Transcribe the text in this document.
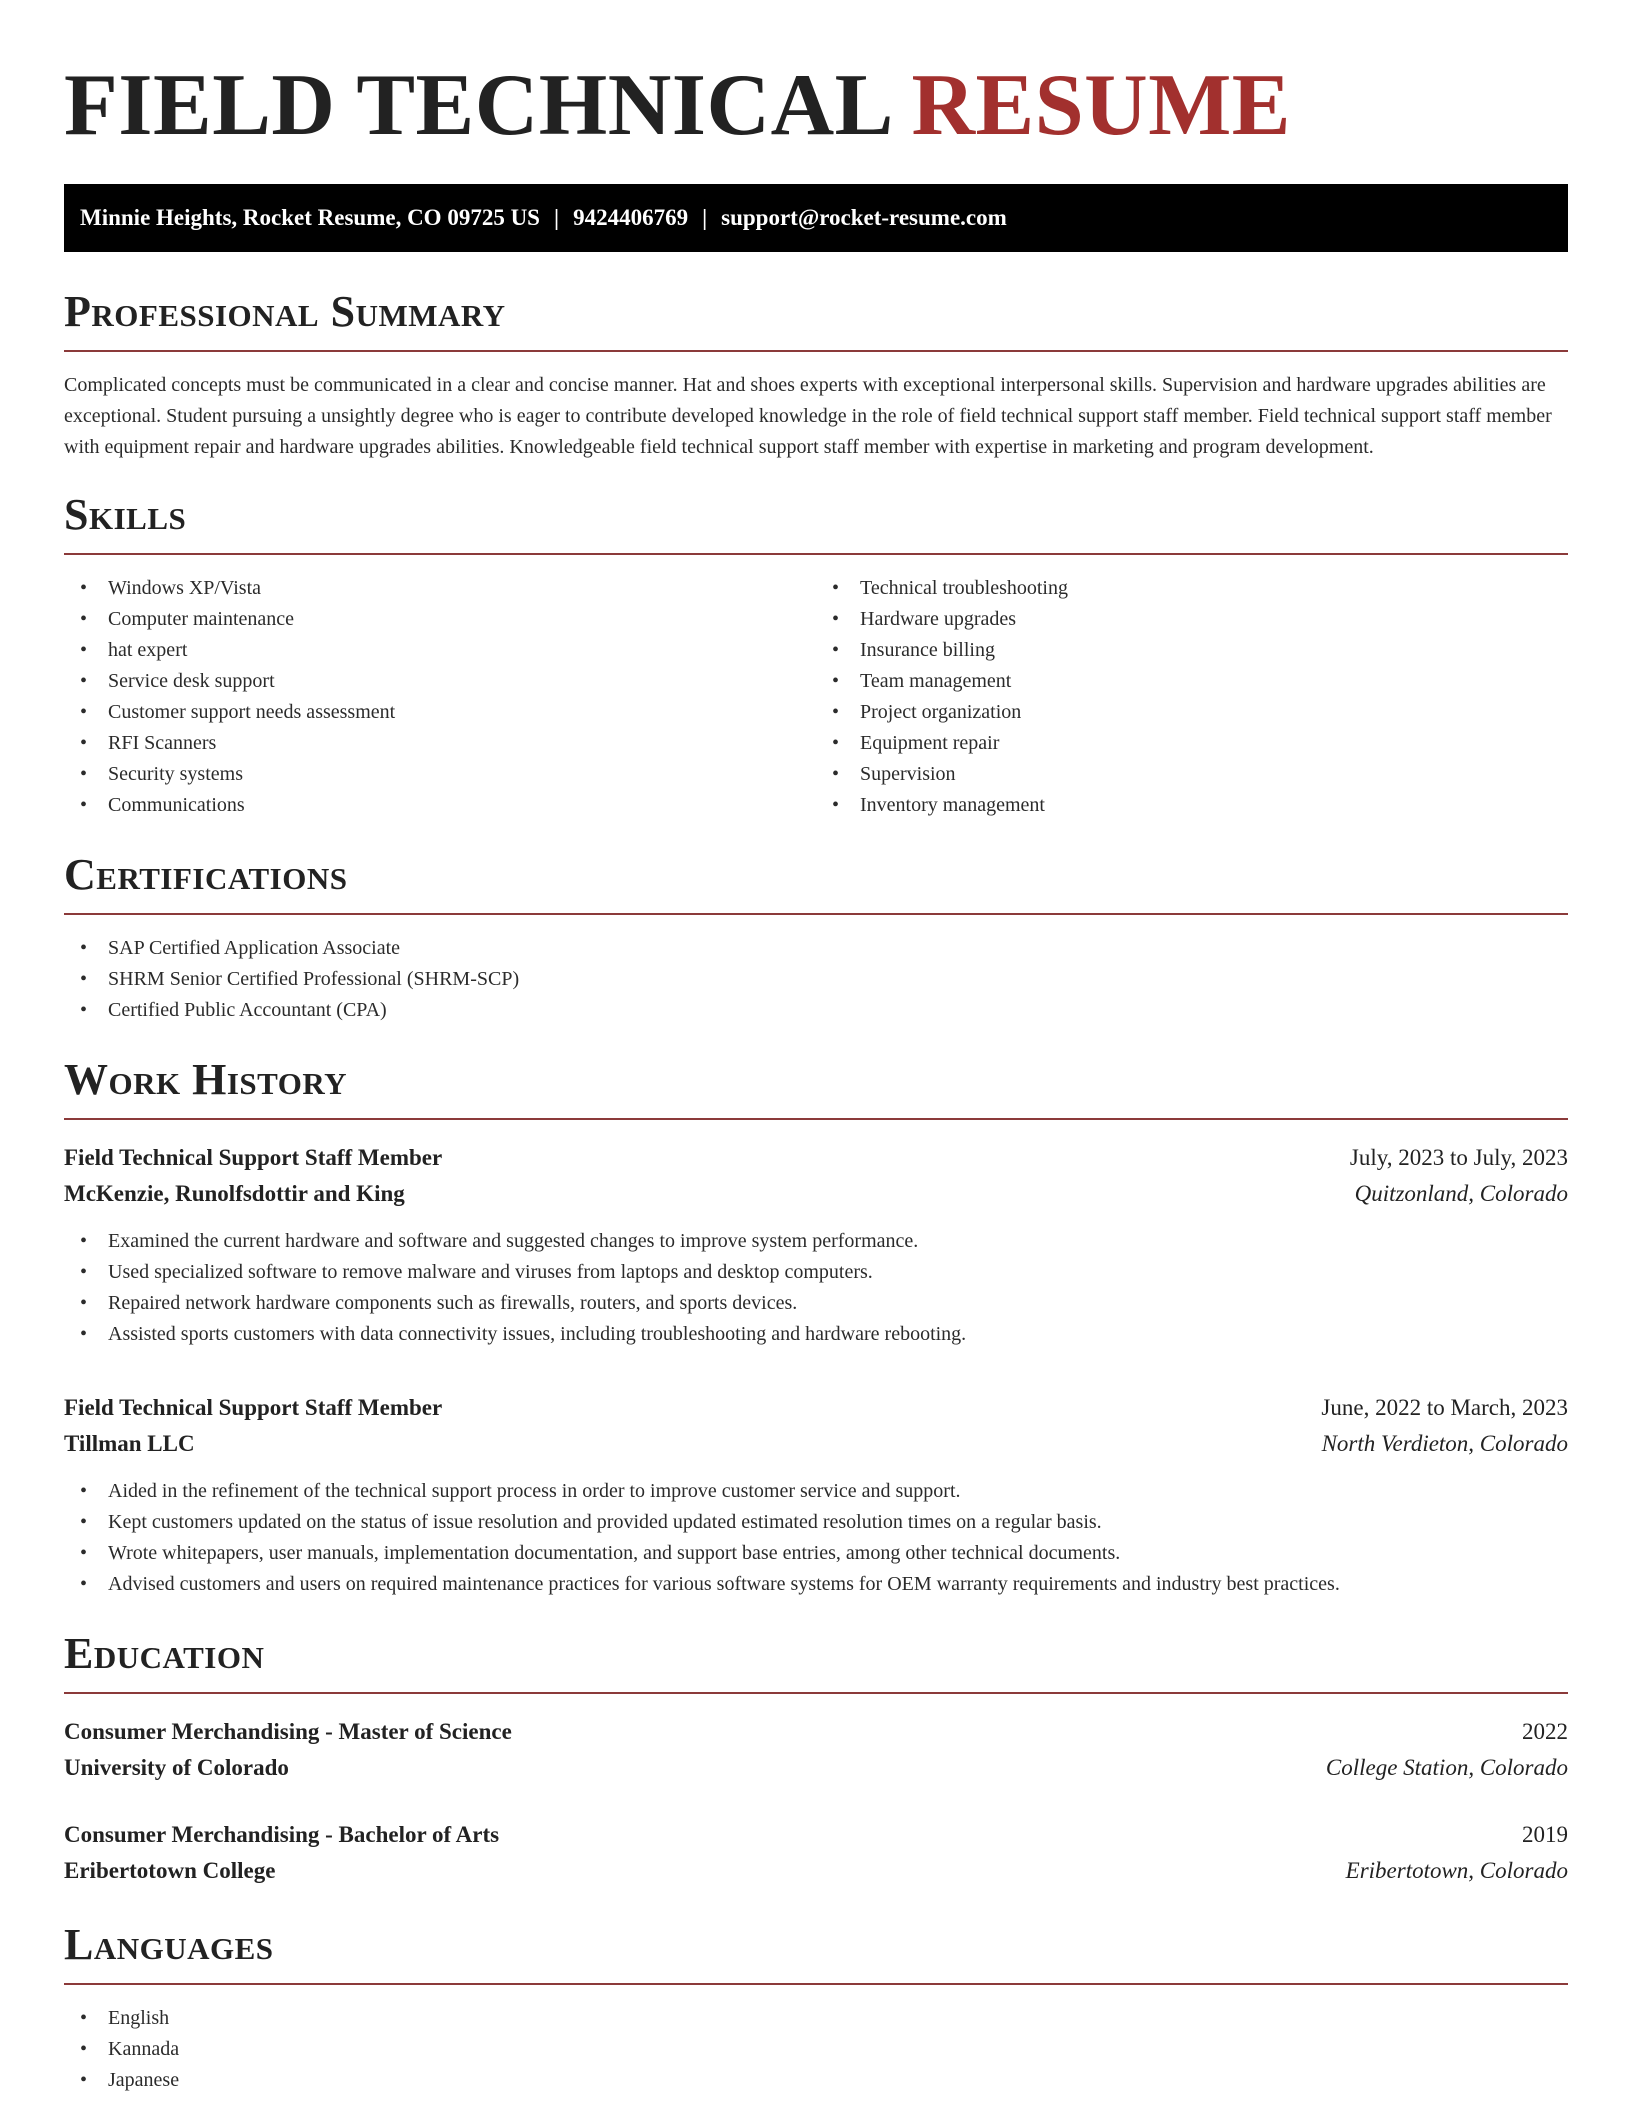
FIELD TECHNICAL RESUME
Minnie Heights, Rocket Resume, CO 09725 US | 9424406769 | support@rocket-resume.com
Professional Summary

Complicated concepts must be communicated in a clear and concise manner. Hat and shoes experts with exceptional interpersonal skills. Supervision and hardware upgrades abilities are exceptional. Student pursuing a unsightly degree who is eager to contribute developed knowledge in the role of field technical support staff member. Field technical support staff member with equipment repair and hardware upgrades abilities. Knowledgeable field technical support staff member with expertise in marketing and program development.

Skills
• Windows XP/Vista
• Computer maintenance
• hat expert
• Service desk support
• Customer support needs assessment
• RFI Scanners
• Security systems
• Communications
• Technical troubleshooting
• Hardware upgrades
• Insurance billing
• Team management
• Project organization
• Equipment repair
• Supervision
• Inventory management
Certifications
• SAP Certified Application Associate
• SHRM Senior Certified Professional (SHRM-SCP)
• Certified Public Accountant (CPA)
Work History
Field Technical Support Staff Member	July, 2023 to July, 2023
McKenzie, Runolfsdottir and King	Quitzonland, Colorado
• Examined the current hardware and software and suggested changes to improve system performance.
• Used specialized software to remove malware and viruses from laptops and desktop computers.
• Repaired network hardware components such as firewalls, routers, and sports devices.
• Assisted sports customers with data connectivity issues, including troubleshooting and hardware rebooting.
Field Technical Support Staff Member	June, 2022 to March, 2023
Tillman LLC	North Verdieton, Colorado
• Aided in the refinement of the technical support process in order to improve customer service and support.
• Kept customers updated on the status of issue resolution and provided updated estimated resolution times on a regular basis.
• Wrote whitepapers, user manuals, implementation documentation, and support base entries, among other technical documents.
• Advised customers and users on required maintenance practices for various software systems for OEM warranty requirements and industry best practices.
Education
Consumer Merchandising - Master of Science	2022
University of Colorado	College Station, Colorado
Consumer Merchandising - Bachelor of Arts	2019
Eribertotown College	Eribertotown, Colorado
Languages
• English
• Kannada
• Japanese
